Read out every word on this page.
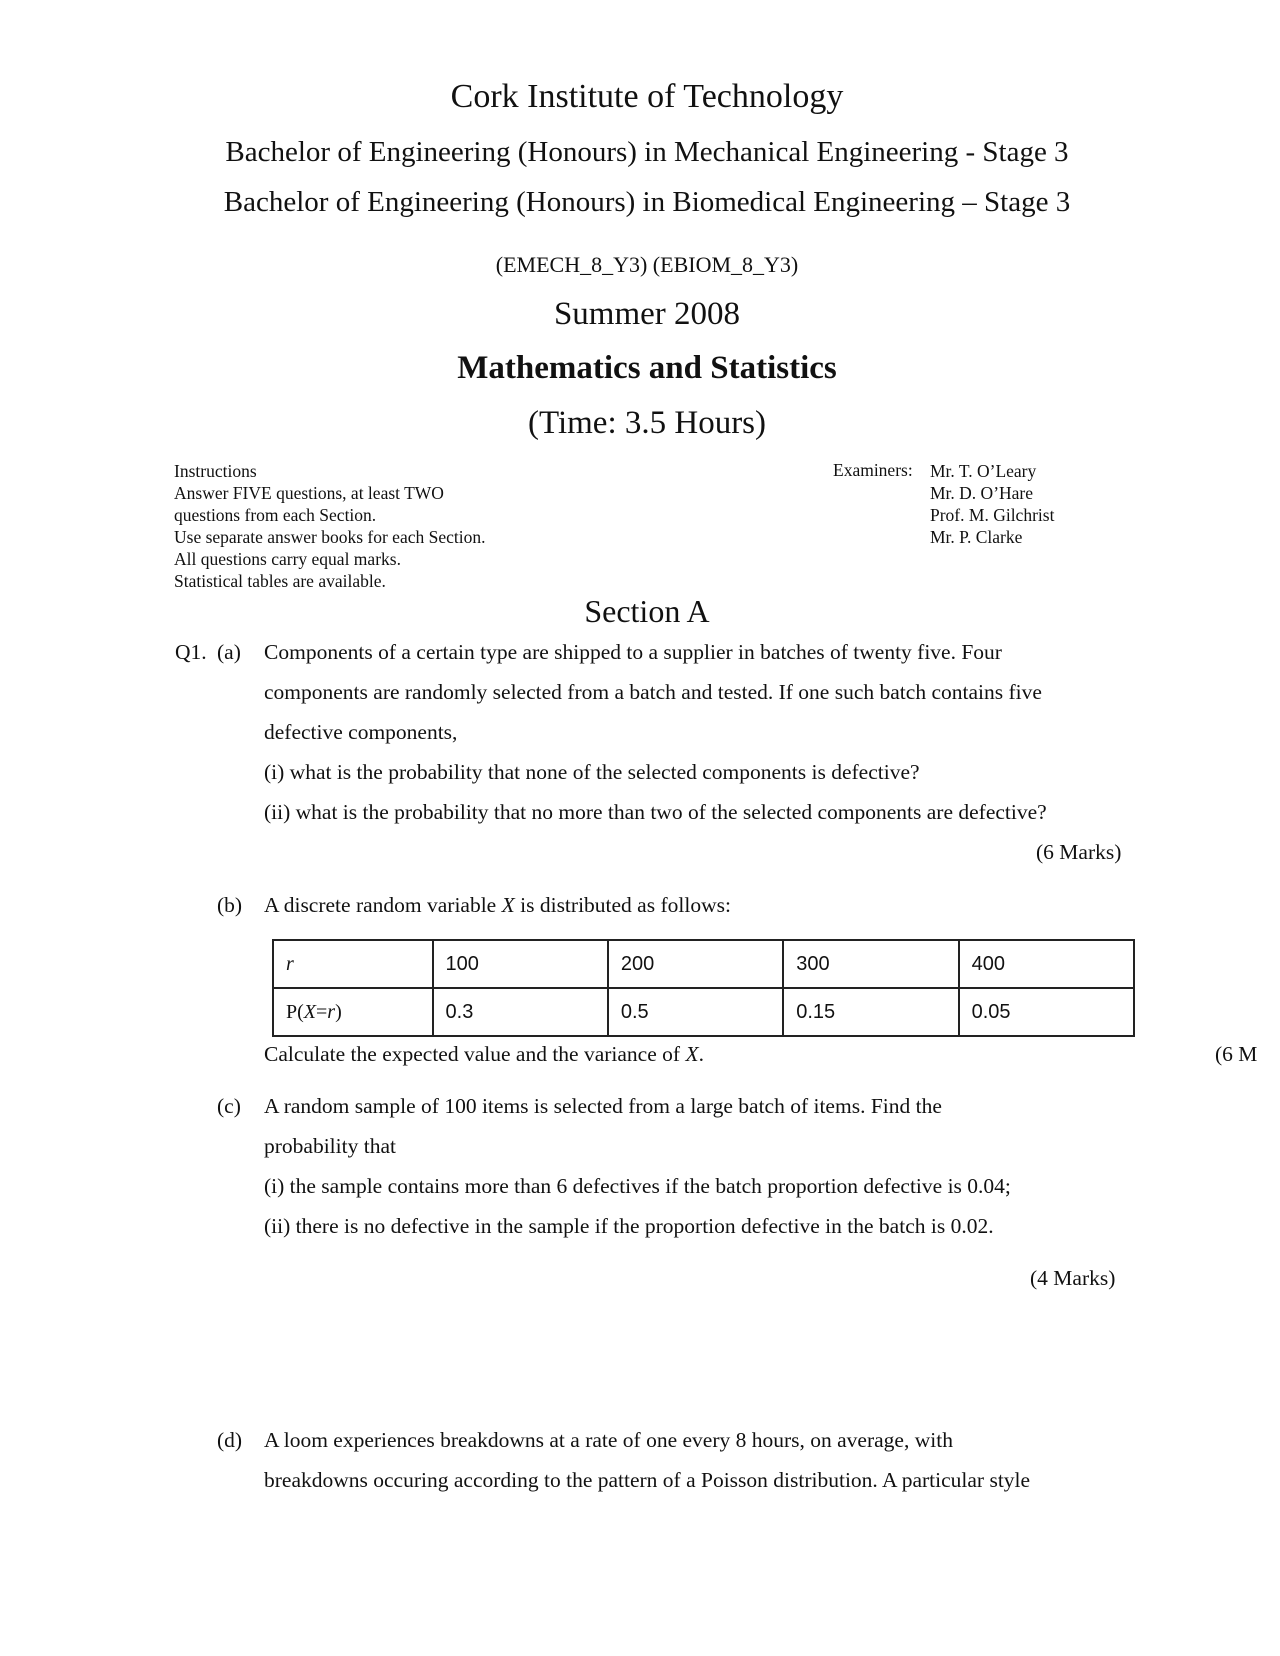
Cork Institute of Technology
Bachelor of Engineering (Honours) in Mechanical Engineering - Stage 3
Bachelor of Engineering (Honours) in Biomedical Engineering – Stage 3
(EMECH_8_Y3) (EBIOM_8_Y3)
Summer 2008
Mathematics and Statistics
(Time: 3.5 Hours)
Instructions
Answer FIVE questions, at least TWO
questions from each Section.
Use separate answer books for each Section.
All questions carry equal marks.
Statistical tables are available.
Examiners: Mr. T. O’Leary
Mr. D. O’Hare
Prof. M. Gilchrist
Mr. P. Clarke
Section A
Q1. (a) Components of a certain type are shipped to a supplier in batches of twenty five. Four
components are randomly selected from a batch and tested. If one such batch contains five
defective components,
(i) what is the probability that none of the selected components is defective?
(ii) what is the probability that no more than two of the selected components are defective?
(6 Marks)
(b) A discrete random variable X is distributed as follows:
r	100	200	300	400
P(X=r)	0.3	0.5	0.15	0.05
Calculate the expected value and the variance of X.	(6 M
(c) A random sample of 100 items is selected from a large batch of items. Find the
probability that
(i) the sample contains more than 6 defectives if the batch proportion defective is 0.04;
(ii) there is no defective in the sample if the proportion defective in the batch is 0.02.
(4 Marks)
(d) A loom experiences breakdowns at a rate of one every 8 hours, on average, with
breakdowns occuring according to the pattern of a Poisson distribution. A particular style
